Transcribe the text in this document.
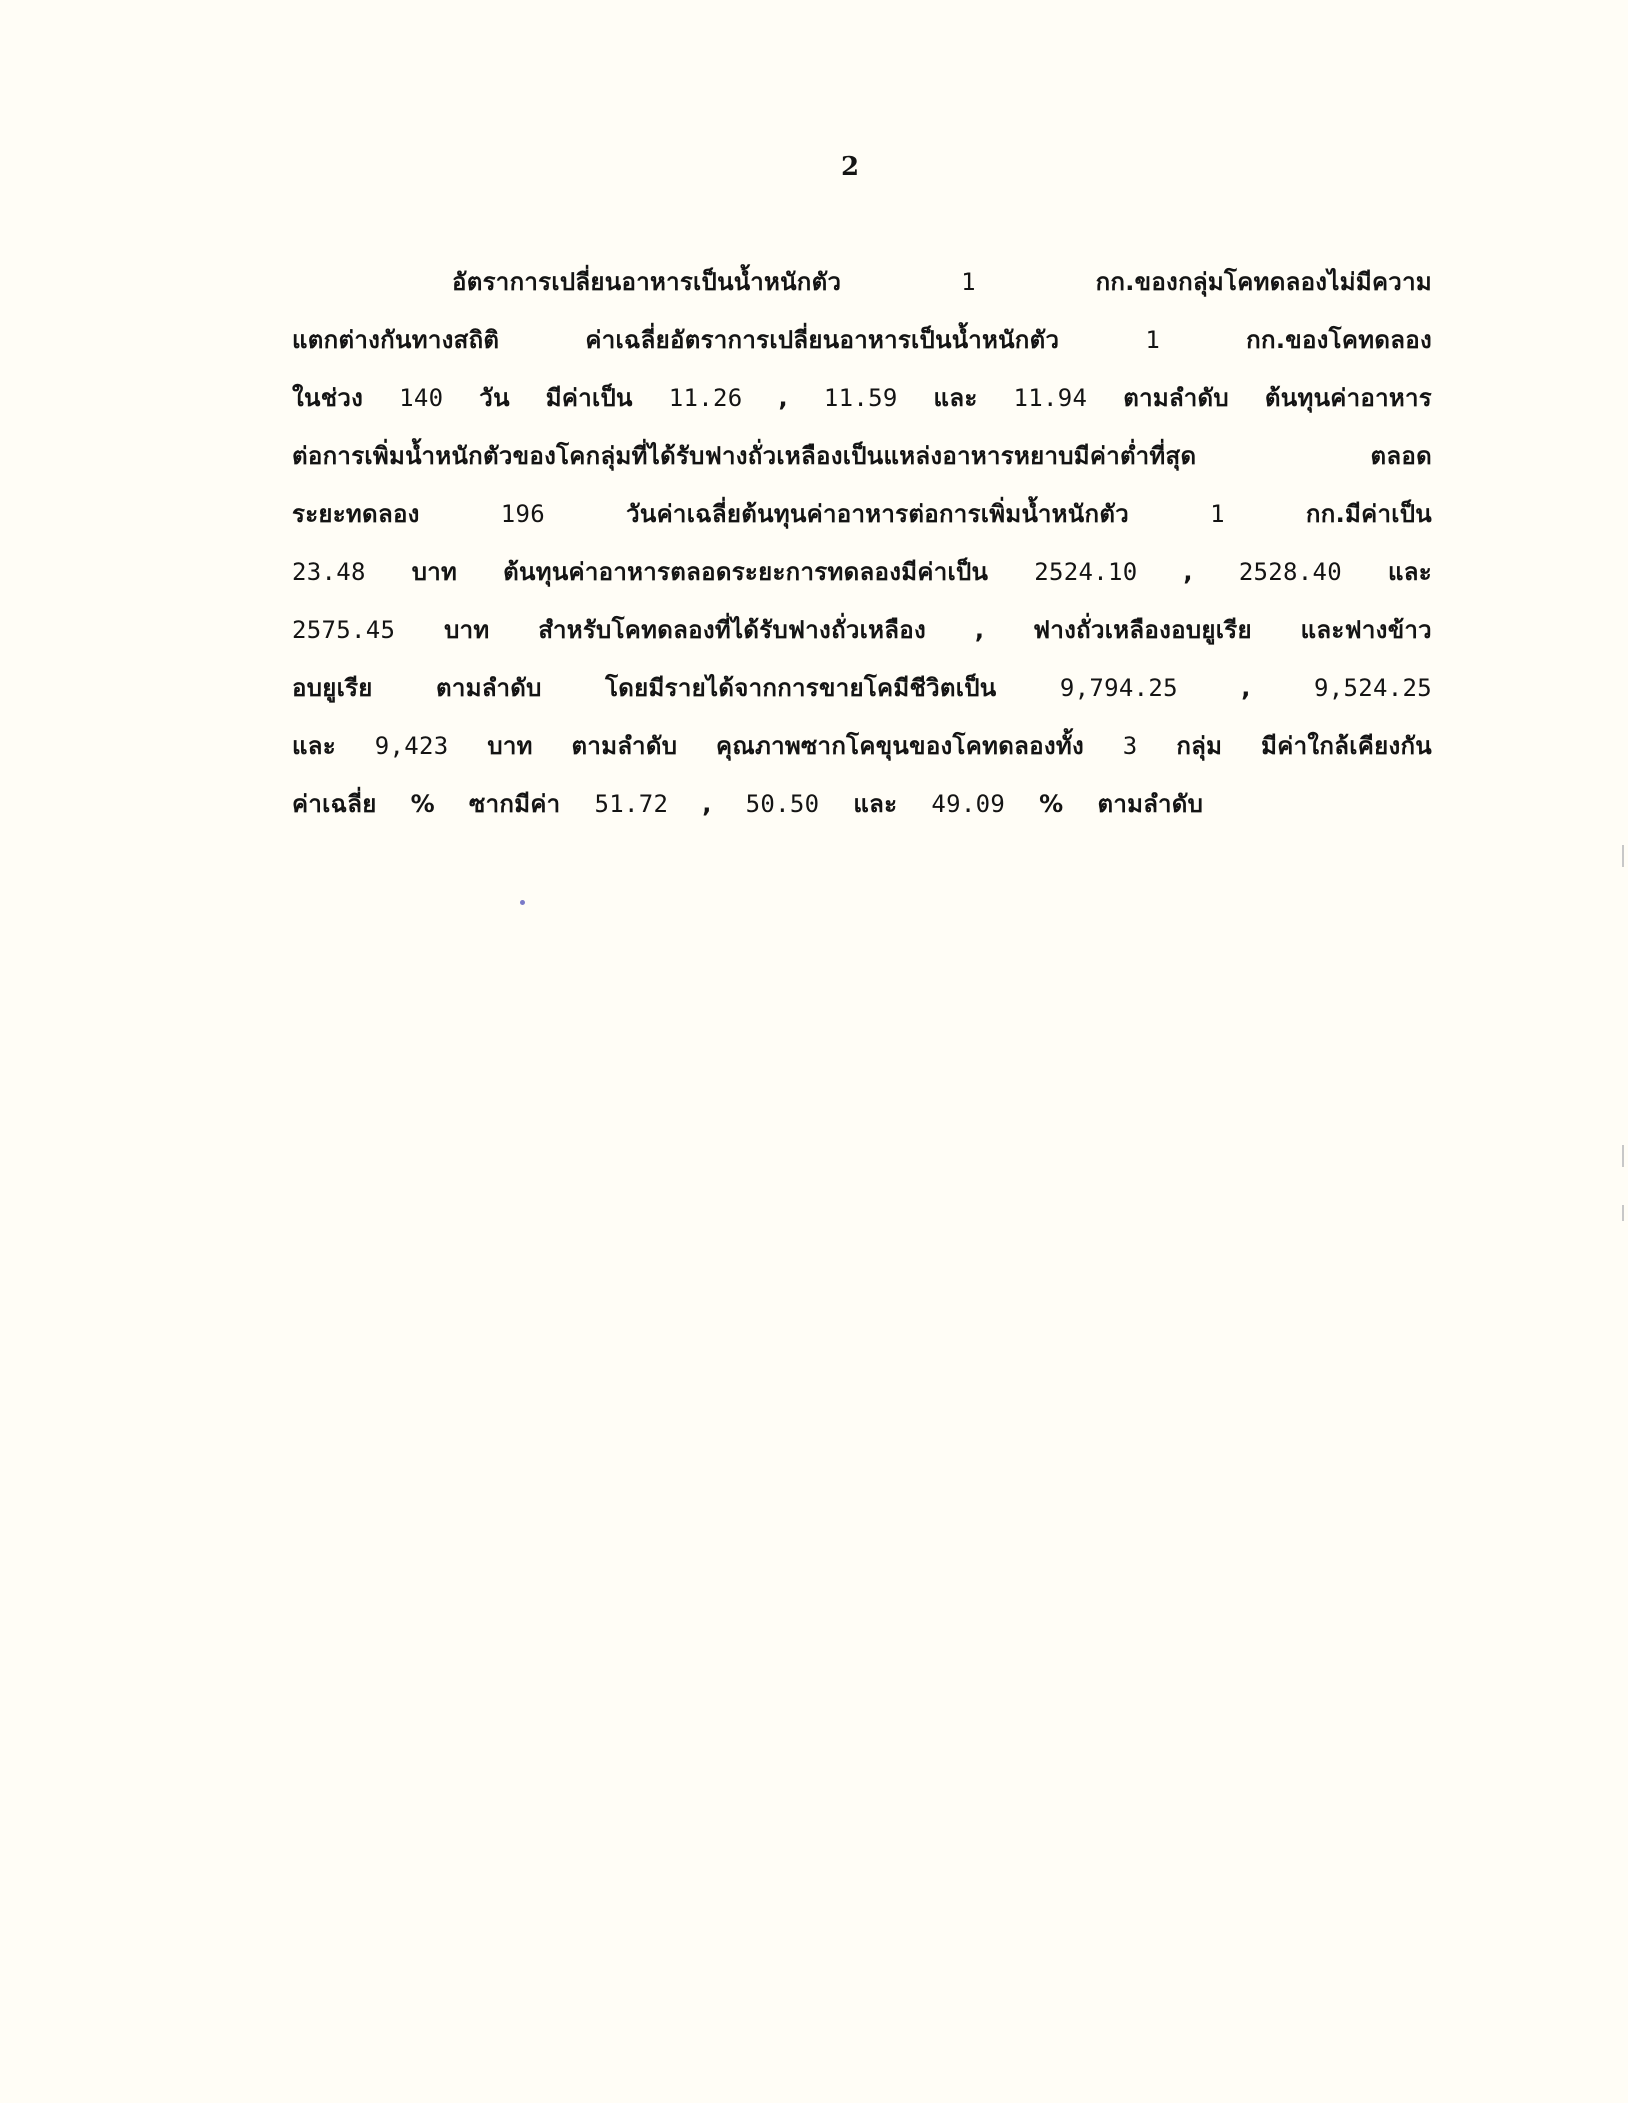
2
อัตราการเปลี่ยนอาหารเป็นน้ำหนักตัว	1	กก.ของกลุ่มโคทดลองไม่มีความ
แตกต่างกันทางสถิติ	ค่าเฉลี่ยอัตราการเปลี่ยนอาหารเป็นน้ำหนักตัว	1	กก.ของโคทดลอง
ในช่วง 140 วัน มีค่าเป็น 11.26 , 11.59 และ 11.94 ตามลำดับ ต้นทุนค่าอาหาร
ต่อการเพิ่มน้ำหนักตัวของโคกลุ่มที่ได้รับฟางถั่วเหลืองเป็นแหล่งอาหารหยาบมีค่าต่ำที่สุด	ตลอด
ระยะทดลอง	196	วันค่าเฉลี่ยต้นทุนค่าอาหารต่อการเพิ่มน้ำหนักตัว	1	กก.มีค่าเป็น
23.48 บาท ต้นทุนค่าอาหารตลอดระยะการทดลองมีค่าเป็น 2524.10 , 2528.40 และ
2575.45 บาท สำหรับโคทดลองที่ได้รับฟางถั่วเหลือง , ฟางถั่วเหลืองอบยูเรีย และฟางข้าว
อบยูเรีย	ตามลำดับ	โดยมีรายได้จากการขายโคมีชีวิตเป็น	9,794.25	,	9,524.25
และ 9,423 บาท ตามลำดับ คุณภาพซากโคขุนของโคทดลองทั้ง 3 กลุ่ม มีค่าใกล้เคียงกัน
ค่าเฉลี่ย % ซากมีค่า 51.72 , 50.50 และ 49.09 % ตามลำดับ
